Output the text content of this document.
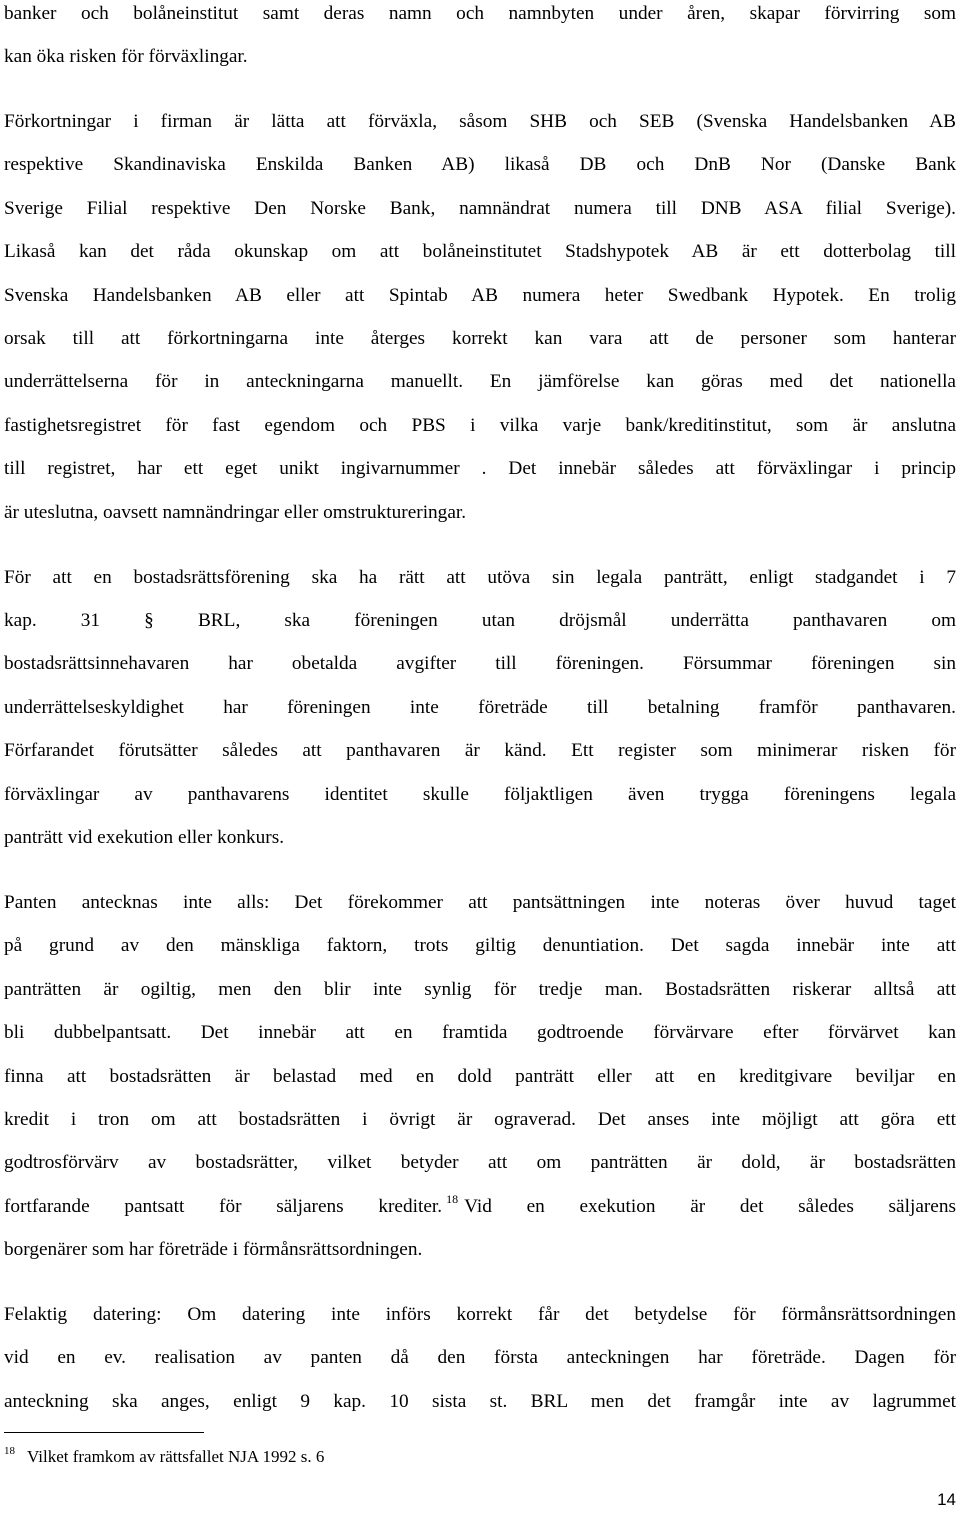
banker och bolåneinstitut samt deras namn och namnbyten under åren, skapar förvirring som
kan öka risken för förväxlingar.
Förkortningar i firman är lätta att förväxla, såsom SHB och SEB (Svenska Handelsbanken AB
respektive Skandinaviska Enskilda Banken AB) likaså DB och DnB Nor (Danske Bank
Sverige Filial respektive Den Norske Bank, namnändrat numera till DNB ASA filial Sverige).
Likaså kan det råda okunskap om att bolåneinstitutet Stadshypotek AB är ett dotterbolag till
Svenska Handelsbanken AB eller att Spintab AB numera heter Swedbank Hypotek. En trolig
orsak till att förkortningarna inte återges korrekt kan vara att de personer som hanterar
underrättelserna för in anteckningarna manuellt. En jämförelse kan göras med det nationella
fastighetsregistret för fast egendom och PBS i vilka varje bank/kreditinstitut, som är anslutna
till registret, har ett eget unikt ingivarnummer . Det innebär således att förväxlingar i princip
är uteslutna, oavsett namnändringar eller omstruktureringar.
För att en bostadsrättsförening ska ha rätt att utöva sin legala panträtt, enligt stadgandet i 7
kap. 31 § BRL, ska föreningen utan dröjsmål underrätta panthavaren om
bostadsrättsinnehavaren har obetalda avgifter till föreningen. Försummar föreningen sin
underrättelseskyldighet har föreningen inte företräde till betalning framför panthavaren.
Förfarandet förutsätter således att panthavaren är känd. Ett register som minimerar risken för
förväxlingar av panthavarens identitet skulle följaktligen även trygga föreningens legala
panträtt vid exekution eller konkurs.
Panten antecknas inte alls: Det förekommer att pantsättningen inte noteras över huvud taget
på grund av den mänskliga faktorn, trots giltig denuntiation. Det sagda innebär inte att
panträtten är ogiltig, men den blir inte synlig för tredje man. Bostadsrätten riskerar alltså att
bli dubbelpantsatt. Det innebär att en framtida godtroende förvärvare efter förvärvet kan
finna att bostadsrätten är belastad med en dold panträtt eller att en kreditgivare beviljar en
kredit i tron om att bostadsrätten i övrigt är ograverad. Det anses inte möjligt att göra ett
godtrosförvärv av bostadsrätter, vilket betyder att om panträtten är dold, är bostadsrätten
fortfarande pantsatt för säljarens krediter. $^{18}$ Vid en exekution är det således säljarens
borgenärer som har företräde i förmånsrättsordningen.
Felaktig datering: Om datering inte införs korrekt får det betydelse för förmånsrättsordningen
vid en ev. realisation av panten då den första anteckningen har företräde. Dagen för
anteckning ska anges, enligt 9 kap. 10 sista st. BRL men det framgår inte av lagrummet
$^{18}$ Vilket framkom av rättsfallet NJA 1992 s. 6
14
